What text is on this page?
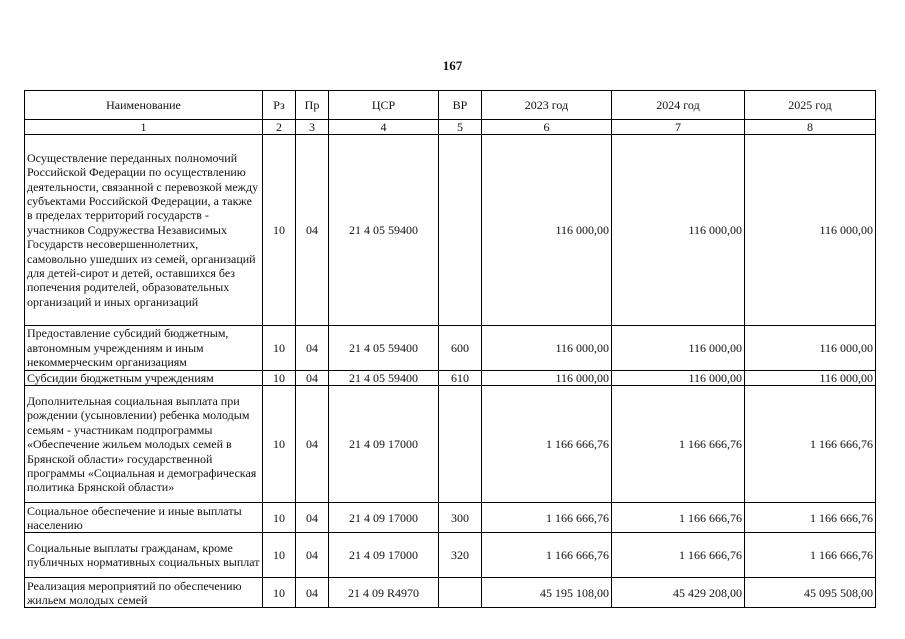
167
Наименование	Рз	Пр	ЦСР	ВР	2023 год	2024 год	2025 год
1	2	3	4	5	6	7	8
Осуществление переданных полномочий Российской Федерации по осуществлению деятельности, связанной с перевозкой между субъектами Российской Федерации, а также в пределах территорий государств - участников Содружества Независимых Государств несовершеннолетних, самовольно ушедших из семей, организаций для детей-сирот и детей, оставшихся без попечения родителей, образовательных организаций и иных организаций	10	04	21 4 05 59400		116 000,00	116 000,00	116 000,00
Предоставление субсидий бюджетным, автономным учреждениям и иным некоммерческим организациям	10	04	21 4 05 59400	600	116 000,00	116 000,00	116 000,00
Субсидии бюджетным учреждениям	10	04	21 4 05 59400	610	116 000,00	116 000,00	116 000,00
Дополнительная социальная выплата при рождении (усыновлении) ребенка молодым семьям - участникам подпрограммы «Обеспечение жильем молодых семей в Брянской области» государственной программы «Социальная и демографическая политика Брянской области»	10	04	21 4 09 17000		1 166 666,76	1 166 666,76	1 166 666,76
Социальное обеспечение и иные выплаты населению	10	04	21 4 09 17000	300	1 166 666,76	1 166 666,76	1 166 666,76
Социальные выплаты гражданам, кроме публичных нормативных социальных выплат	10	04	21 4 09 17000	320	1 166 666,76	1 166 666,76	1 166 666,76
Реализация мероприятий по обеспечению жильем молодых семей	10	04	21 4 09 R4970		45 195 108,00	45 429 208,00	45 095 508,00
